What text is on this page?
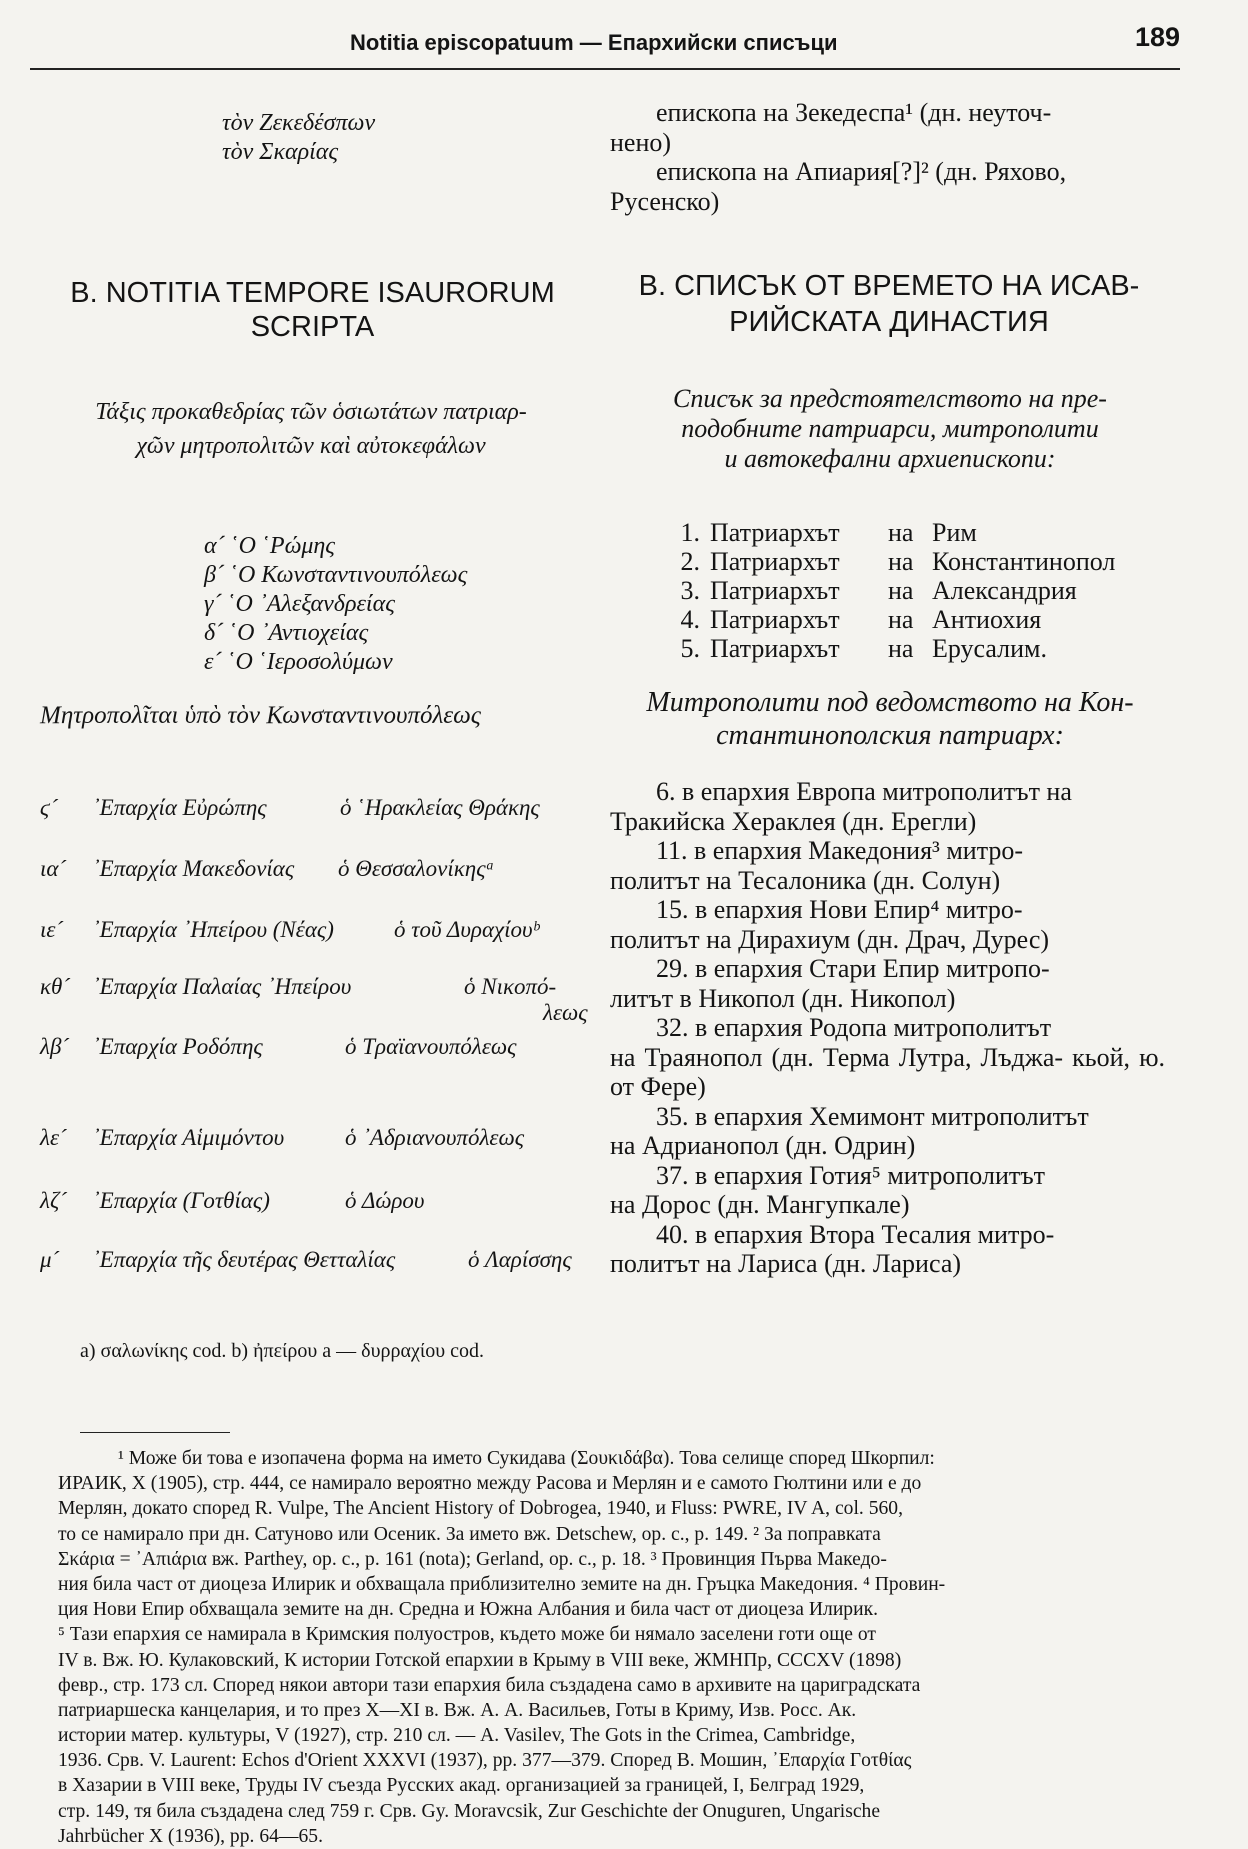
Notitia episcopatuum — Епархийски списъци	189
τὸν Ζεκεδέσπων
τὸν Σκαρίας
епископа на Зекедеспа¹ (дн. неуточ-
нено)
епископа на Апиария[?]² (дн. Ряхово,
Русенско)
B. NOTITIA TEMPORE ISAURORUM
SCRIPTA
В. СПИСЪК ОТ ВРЕМЕТО НА ИСАВ-
РИЙСКАТА ДИНАСТИЯ
Τάξις προκαθεδρίας τῶν ὁσιωτάτων πατριαρ-
χῶν μητροπολιτῶν καὶ αὐτοκεφάλων
Списък за предстоятелството на пре-
подобните патриарси, митрополити
и автокефални архиепископи:
α´ ῾Ο ῾Ρώμης
β´ ῾Ο Κωνσταντινουπόλεως
γ´ ῾Ο ᾽Αλεξανδρείας
δ´ ῾Ο ᾽Αντιοχείας
ε´ ῾Ο ῾Ιεροσολύμων
1. Патриархът на Рим
2. Патриархът на Константинопол
3. Патриархът на Александрия
4. Патриархът на Антиохия
5. Патриархът на Ерусалим.
Μητροπολῖται ὑπὸ τὸν Κωνσταντινουπόλεως	Митрополити под ведомството на Кон-
стантинополския патриарх:
ϛ´ ᾽Επαρχία Εὐρώπης	ὁ ῾Ηρακλείας Θράκης
ια´ ᾽Επαρχία Μακεδονίας ὁ Θεσσαλονίκηςᵃ
ιε´ ᾽Επαρχία ᾽Ηπείρου (Νέας)	ὁ τοῦ Δυραχίουᵇ
κθ´ ᾽Επαρχία Παλαίας ᾽Ηπείρου	ὁ Νικοπό-
λεως
λβ´ ᾽Επαρχία Ροδόπης	ὁ Τραϊανουπόλεως
λε´ ᾽Επαρχία Αἱμιμόντου	ὁ ᾽Αδριανουπόλεως
λζ´ ᾽Επαρχία (Γοτθίας)	ὁ Δώρου
μ´ ᾽Επαρχία τῆς δευτέρας Θετταλίας	ὁ Λαρίσσης
6. в епархия Европа митрополитът на
Тракийска Хераклея (дн. Ерегли)
11. в епархия Македония³ митро-
политът на Тесалоника (дн. Солун)
15. в епархия Нови Епир⁴ митро-
политът на Дирахиум (дн. Драч, Дурес)
29. в епархия Стари Епир митропо-
литът в Никопол (дн. Никопол)
32. в епархия Родопа митрополитът
на Траянопол (дн. Терма Лутра, Лъджа- кьой, ю. от Фере)
35. в епархия Хемимонт митрополитът
на Адрианопол (дн. Одрин)
37. в епархия Готия⁵ митрополитът
на Дорос (дн. Мангупкале)
40. в епархия Втора Тесалия митро-
политът на Лариса (дн. Лариса)
a) σαλωνίκης cod. b) ἠπείρου a — δυρραχίου cod.
¹ Може би това е изопачена форма на името Сукидава (Σουκιδάβα). Това селище според Шкорпил:
ИРАИК, X (1905), стр. 444, се намирало вероятно между Расова и Мерлян и е самото Гюлтини или е до
Мерлян, докато според R. Vulpe, The Ancient History of Dobrogea, 1940, и Fluss: PWRE, IV A, col. 560,
то се намирало при дн. Сатуново или Осеник. За името вж. Detschew, op. c., p. 149. ² За поправката
Σκάρια = ᾽Απιάρια вж. Parthey, op. c., p. 161 (nota); Gerland, op. c., p. 18. ³ Провинция Първа Македо-
ния била част от диоцеза Илирик и обхващала приблизително земите на дн. Гръцка Македония. ⁴ Провин-
ция Нови Епир обхващала земите на дн. Средна и Южна Албания и била част от диоцеза Илирик.
⁵ Тази епархия се намирала в Кримския полуостров, където може би нямало заселени готи още от
IV в. Вж. Ю. Кулаковский, К истории Готской епархии в Крыму в VIII веке, ЖМНПр, CCCXV (1898)
февр., стр. 173 сл. Според някои автори тази епархия била създадена само в архивите на цариградската
патриаршеска канцелария, и то през X—XI в. Вж. А. А. Васильев, Готы в Криму, Изв. Росс. Ак.
истории матер. культуры, V (1927), стр. 210 сл. — A. Vasilev, The Gots in the Crimea, Cambridge,
1936. Срв. V. Laurent: Echos d'Orient XXXVI (1937), pp. 377—379. Според В. Мошин, ᾽Επαρχία Γοτθίας
в Хазарии в VIII веке, Труды IV съезда Русских акад. организацией за границей, I, Белград 1929,
стр. 149, тя била създадена след 759 г. Срв. Gy. Moravcsik, Zur Geschichte der Onuguren, Ungarische
Jahrbücher X (1936), pp. 64—65.
